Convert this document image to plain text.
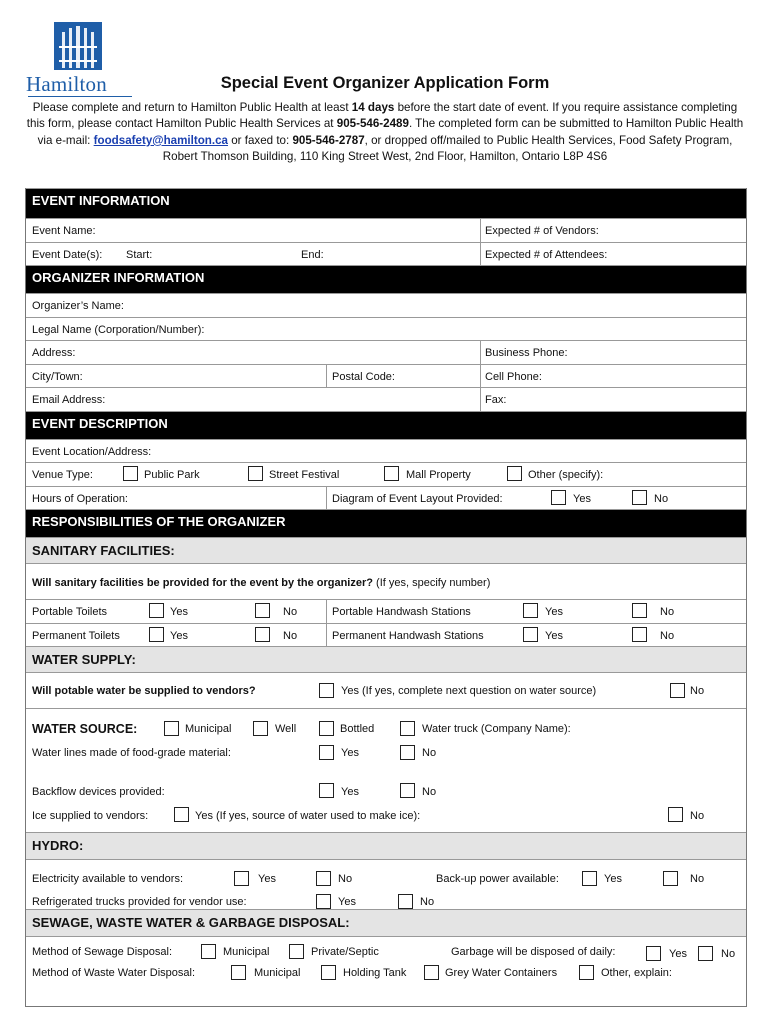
Hamilton	Special Event Organizer Application Form
Please complete and return to Hamilton Public Health at least 14 days before the start date of event. If you require assistance completing this form, please contact Hamilton Public Health Services at 905-546-2489. The completed form can be submitted to Hamilton Public Health via e-mail: foodsafety@hamilton.ca or faxed to: 905-546-2787, or dropped off/mailed to Public Health Services, Food Safety Program, Robert Thomson Building, 110 King Street West, 2nd Floor, Hamilton, Ontario L8P 4S6
EVENT INFORMATION
Event Name:	Expected # of Vendors:
Event Date(s): Start:	End:	Expected # of Attendees:
ORGANIZER INFORMATION
Organizer’s Name:
Legal Name (Corporation/Number):
Address:	Business Phone:
City/Town:	Postal Code:	Cell Phone:
Email Address:	Fax:
EVENT DESCRIPTION
Event Location/Address:
Venue Type:	Public Park	Street Festival	Mall Property	Other (specify):
Hours of Operation:	Diagram of Event Layout Provided:	Yes	No
RESPONSIBILITIES OF THE ORGANIZER
SANITARY FACILITIES:
Will sanitary facilities be provided for the event by the organizer? (If yes, specify number)
Portable Toilets	Yes	No	Portable Handwash Stations	Yes	No
Permanent Toilets	Yes	No	Permanent Handwash Stations	Yes	No
WATER SUPPLY:
Will potable water be supplied to vendors?	Yes (If yes, complete next question on water source)	No
WATER SOURCE:	Municipal	Well	Bottled	Water truck (Company Name):
Water lines made of food-grade material:	Yes	No
Backflow devices provided:	Yes	No
Ice supplied to vendors:	Yes (If yes, source of water used to make ice):	No
HYDRO:
Electricity available to vendors:	Yes	No	Back-up power available:	Yes	No
Refrigerated trucks provided for vendor use:	Yes	No
SEWAGE, WASTE WATER & GARBAGE DISPOSAL:
Method of Sewage Disposal:	Municipal	Private/Septic	Garbage will be disposed of daily:	Yes	No
Method of Waste Water Disposal:	Municipal	Holding Tank	Grey Water Containers	Other, explain:
